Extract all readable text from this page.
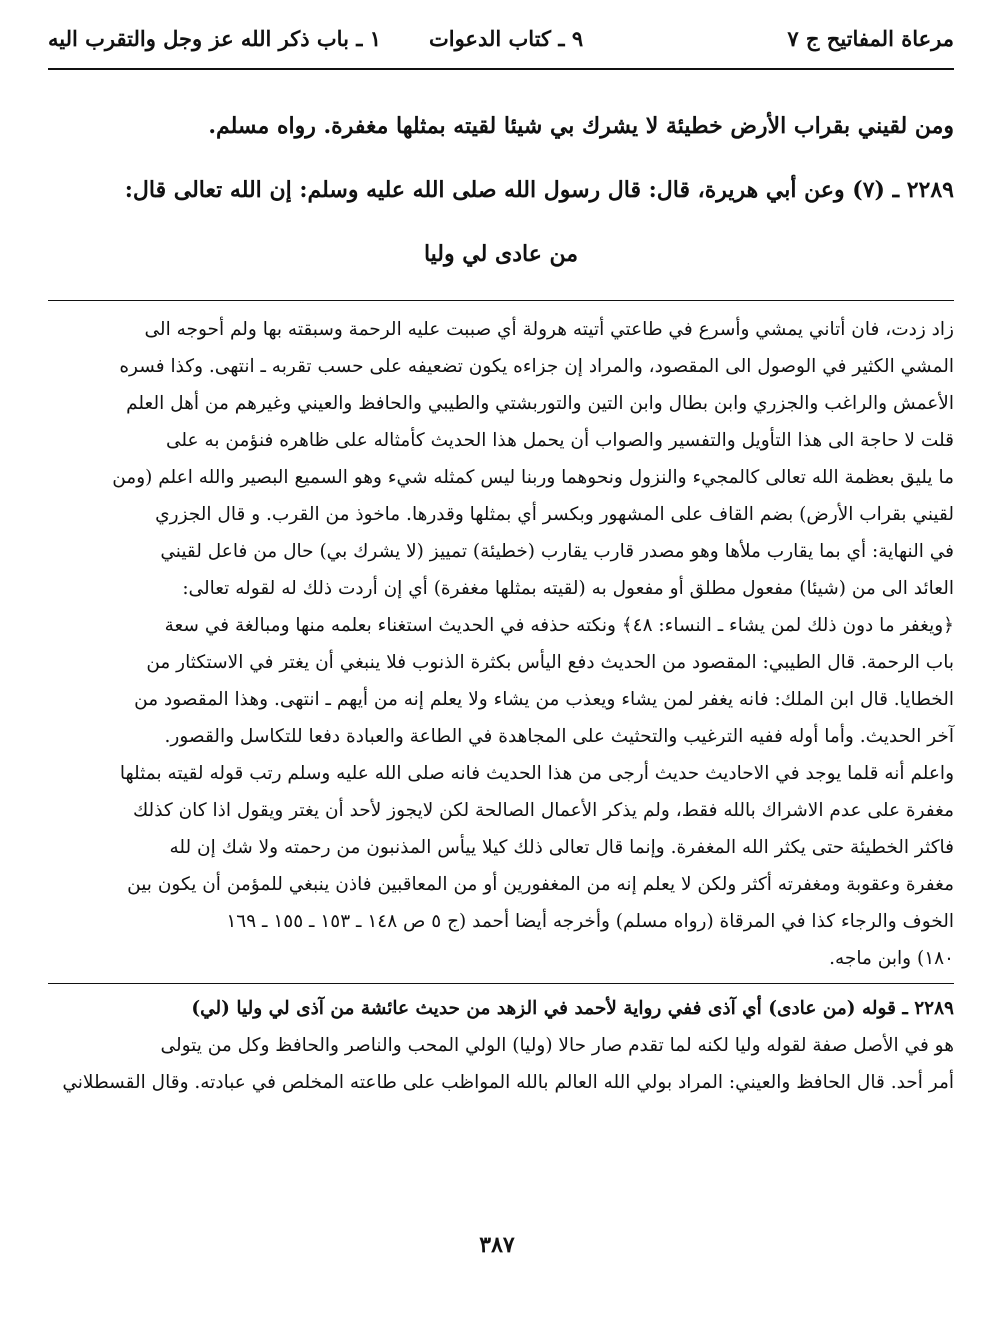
مرعاة المفاتيح ج ٧
٩ ـ كتاب الدعوات
١ ـ باب ذكر الله عز وجل والتقرب اليه

ومن لقيني بقراب الأرض خطيئة لا يشرك بي شيئا لقيته بمثلها مغفرة. رواه مسلم.

٢٢٨٩ ـ (٧) وعن أبي هريرة، قال: قال رسول الله صلى الله عليه وسلم: إن الله تعالى قال:

من عادى لي وليا

زاد زدت، فان أتاني يمشي وأسرع في طاعتي أتيته هرولة أي صببت عليه الرحمة وسبقته بها ولم أحوجه الى

المشي الكثير في الوصول الى المقصود، والمراد إن جزاءه يكون تضعيفه على حسب تقربه ـ انتهى. وكذا فسره

الأعمش والراغب والجزري وابن بطال وابن التين والتوربشتي والطيبي والحافظ والعيني وغيرهم من أهل العلم

قلت لا حاجة الى هذا التأويل والتفسير والصواب أن يحمل هذا الحديث كأمثاله على ظاهره فنؤمن به على

ما يليق بعظمة الله تعالى كالمجيء والنزول ونحوهما وربنا ليس كمثله شيء وهو السميع البصير والله اعلم (ومن

لقيني بقراب الأرض) بضم القاف على المشهور وبكسر أي بمثلها وقدرها. ماخوذ من القرب. و قال الجزري

في النهاية: أي بما يقارب ملأها وهو مصدر قارب يقارب (خطيئة) تمييز (لا يشرك بي) حال من فاعل لقيني

العائد الى من (شيئا) مفعول مطلق أو مفعول به (لقيته بمثلها مغفرة) أي إن أردت ذلك له لقوله تعالى:

﴿ويغفر ما دون ذلك لمن يشاء ـ النساء: ٤٨﴾ ونكته حذفه في الحديث استغناء بعلمه منها ومبالغة في سعة

باب الرحمة. قال الطيبي: المقصود من الحديث دفع اليأس بكثرة الذنوب فلا ينبغي أن يغتر في الاستكثار من

الخطايا. قال ابن الملك: فانه يغفر لمن يشاء ويعذب من يشاء ولا يعلم إنه من أيهم ـ انتهى. وهذا المقصود من

آخر الحديث. وأما أوله ففيه الترغيب والتحثيث على المجاهدة في الطاعة والعبادة دفعا للتكاسل والقصور.

واعلم أنه قلما يوجد في الاحاديث حديث أرجى من هذا الحديث فانه صلى الله عليه وسلم رتب قوله لقيته بمثلها

مغفرة على عدم الاشراك بالله فقط، ولم يذكر الأعمال الصالحة لكن لايجوز لأحد أن يغتر ويقول اذا كان كذلك

فاكثر الخطيئة حتى يكثر الله المغفرة. وإنما قال تعالى ذلك كيلا ييأس المذنبون من رحمته ولا شك إن لله

مغفرة وعقوبة ومغفرته أكثر ولكن لا يعلم إنه من المغفورين أو من المعاقبين فاذن ينبغي للمؤمن أن يكون بين

الخوف والرجاء كذا في المرقاة (رواه مسلم) وأخرجه أيضا أحمد (ج ٥ ص ١٤٨ ـ ١٥٣ ـ ١٥٥ ـ ١٦٩

١٨٠) وابن ماجه.

٢٢٨٩ ـ قوله (من عادى) أي آذى ففي رواية لأحمد في الزهد من حديث عائشة من آذى لي وليا (لي)

هو في الأصل صفة لقوله وليا لكنه لما تقدم صار حالا (وليا) الولي المحب والناصر والحافظ وكل من يتولى

أمر أحد. قال الحافظ والعيني: المراد بولي الله العالم بالله المواظب على طاعته المخلص في عبادته. وقال القسطلاني

٣٨٧
